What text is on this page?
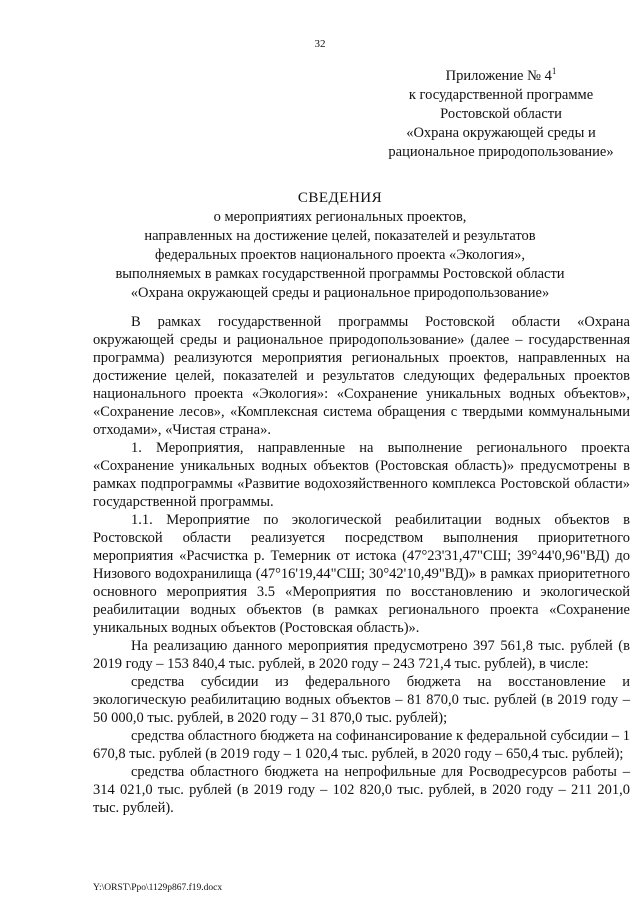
32
Приложение № $4^1$
к государственной программе
Ростовской области
«Охрана окружающей среды и
рациональное природопользование»
СВЕДЕНИЯ
о мероприятиях региональных проектов,
направленных на достижение целей, показателей и результатов
федеральных проектов национального проекта «Экология»,
выполняемых в рамках государственной программы Ростовской области
«Охрана окружающей среды и рациональное природопользование»

В рамках государственной программы Ростовской области «Охрана окружающей среды и рациональное природопользование» (далее – государственная программа) реализуются мероприятия региональных проектов, направленных на достижение целей, показателей и результатов следующих федеральных проектов национального проекта «Экология»: «Сохранение уникальных водных объектов», «Сохранение лесов», «Комплексная система обращения с твердыми коммунальными отходами», «Чистая страна».

1. Мероприятия, направленные на выполнение регионального проекта «Сохранение уникальных водных объектов (Ростовская область)» предусмотрены в рамках подпрограммы «Развитие водохозяйственного комплекса Ростовской области» государственной программы.

1.1. Мероприятие по экологической реабилитации водных объектов в Ростовской области реализуется посредством выполнения приоритетного мероприятия «Расчистка р. Темерник от истока (47°23'31,47"СШ; 39°44'0,96"ВД) до Низового водохранилища (47°16'19,44"СШ; 30°42'10,49"ВД)» в рамках приоритетного основного мероприятия 3.5 «Мероприятия по восстановлению и экологической реабилитации водных объектов (в рамках регионального проекта «Сохранение уникальных водных объектов (Ростовская область)».

На реализацию данного мероприятия предусмотрено 397 561,8 тыс. рублей (в 2019 году – 153 840,4 тыс. рублей, в 2020 году – 243 721,4 тыс. рублей), в числе:

средства субсидии из федерального бюджета на восстановление и экологическую реабилитацию водных объектов – 81 870,0 тыс. рублей (в 2019 году – 50 000,0 тыс. рублей, в 2020 году – 31 870,0 тыс. рублей);

средства областного бюджета на софинансирование к федеральной субсидии – 1 670,8 тыс. рублей (в 2019 году – 1 020,4 тыс. рублей, в 2020 году – 650,4 тыс. рублей);

средства областного бюджета на непрофильные для Росводресурсов работы – 314 021,0 тыс. рублей (в 2019 году – 102 820,0 тыс. рублей, в 2020 году – 211 201,0 тыс. рублей).

Y:\ORST\Ppo\1129p867.f19.docx
